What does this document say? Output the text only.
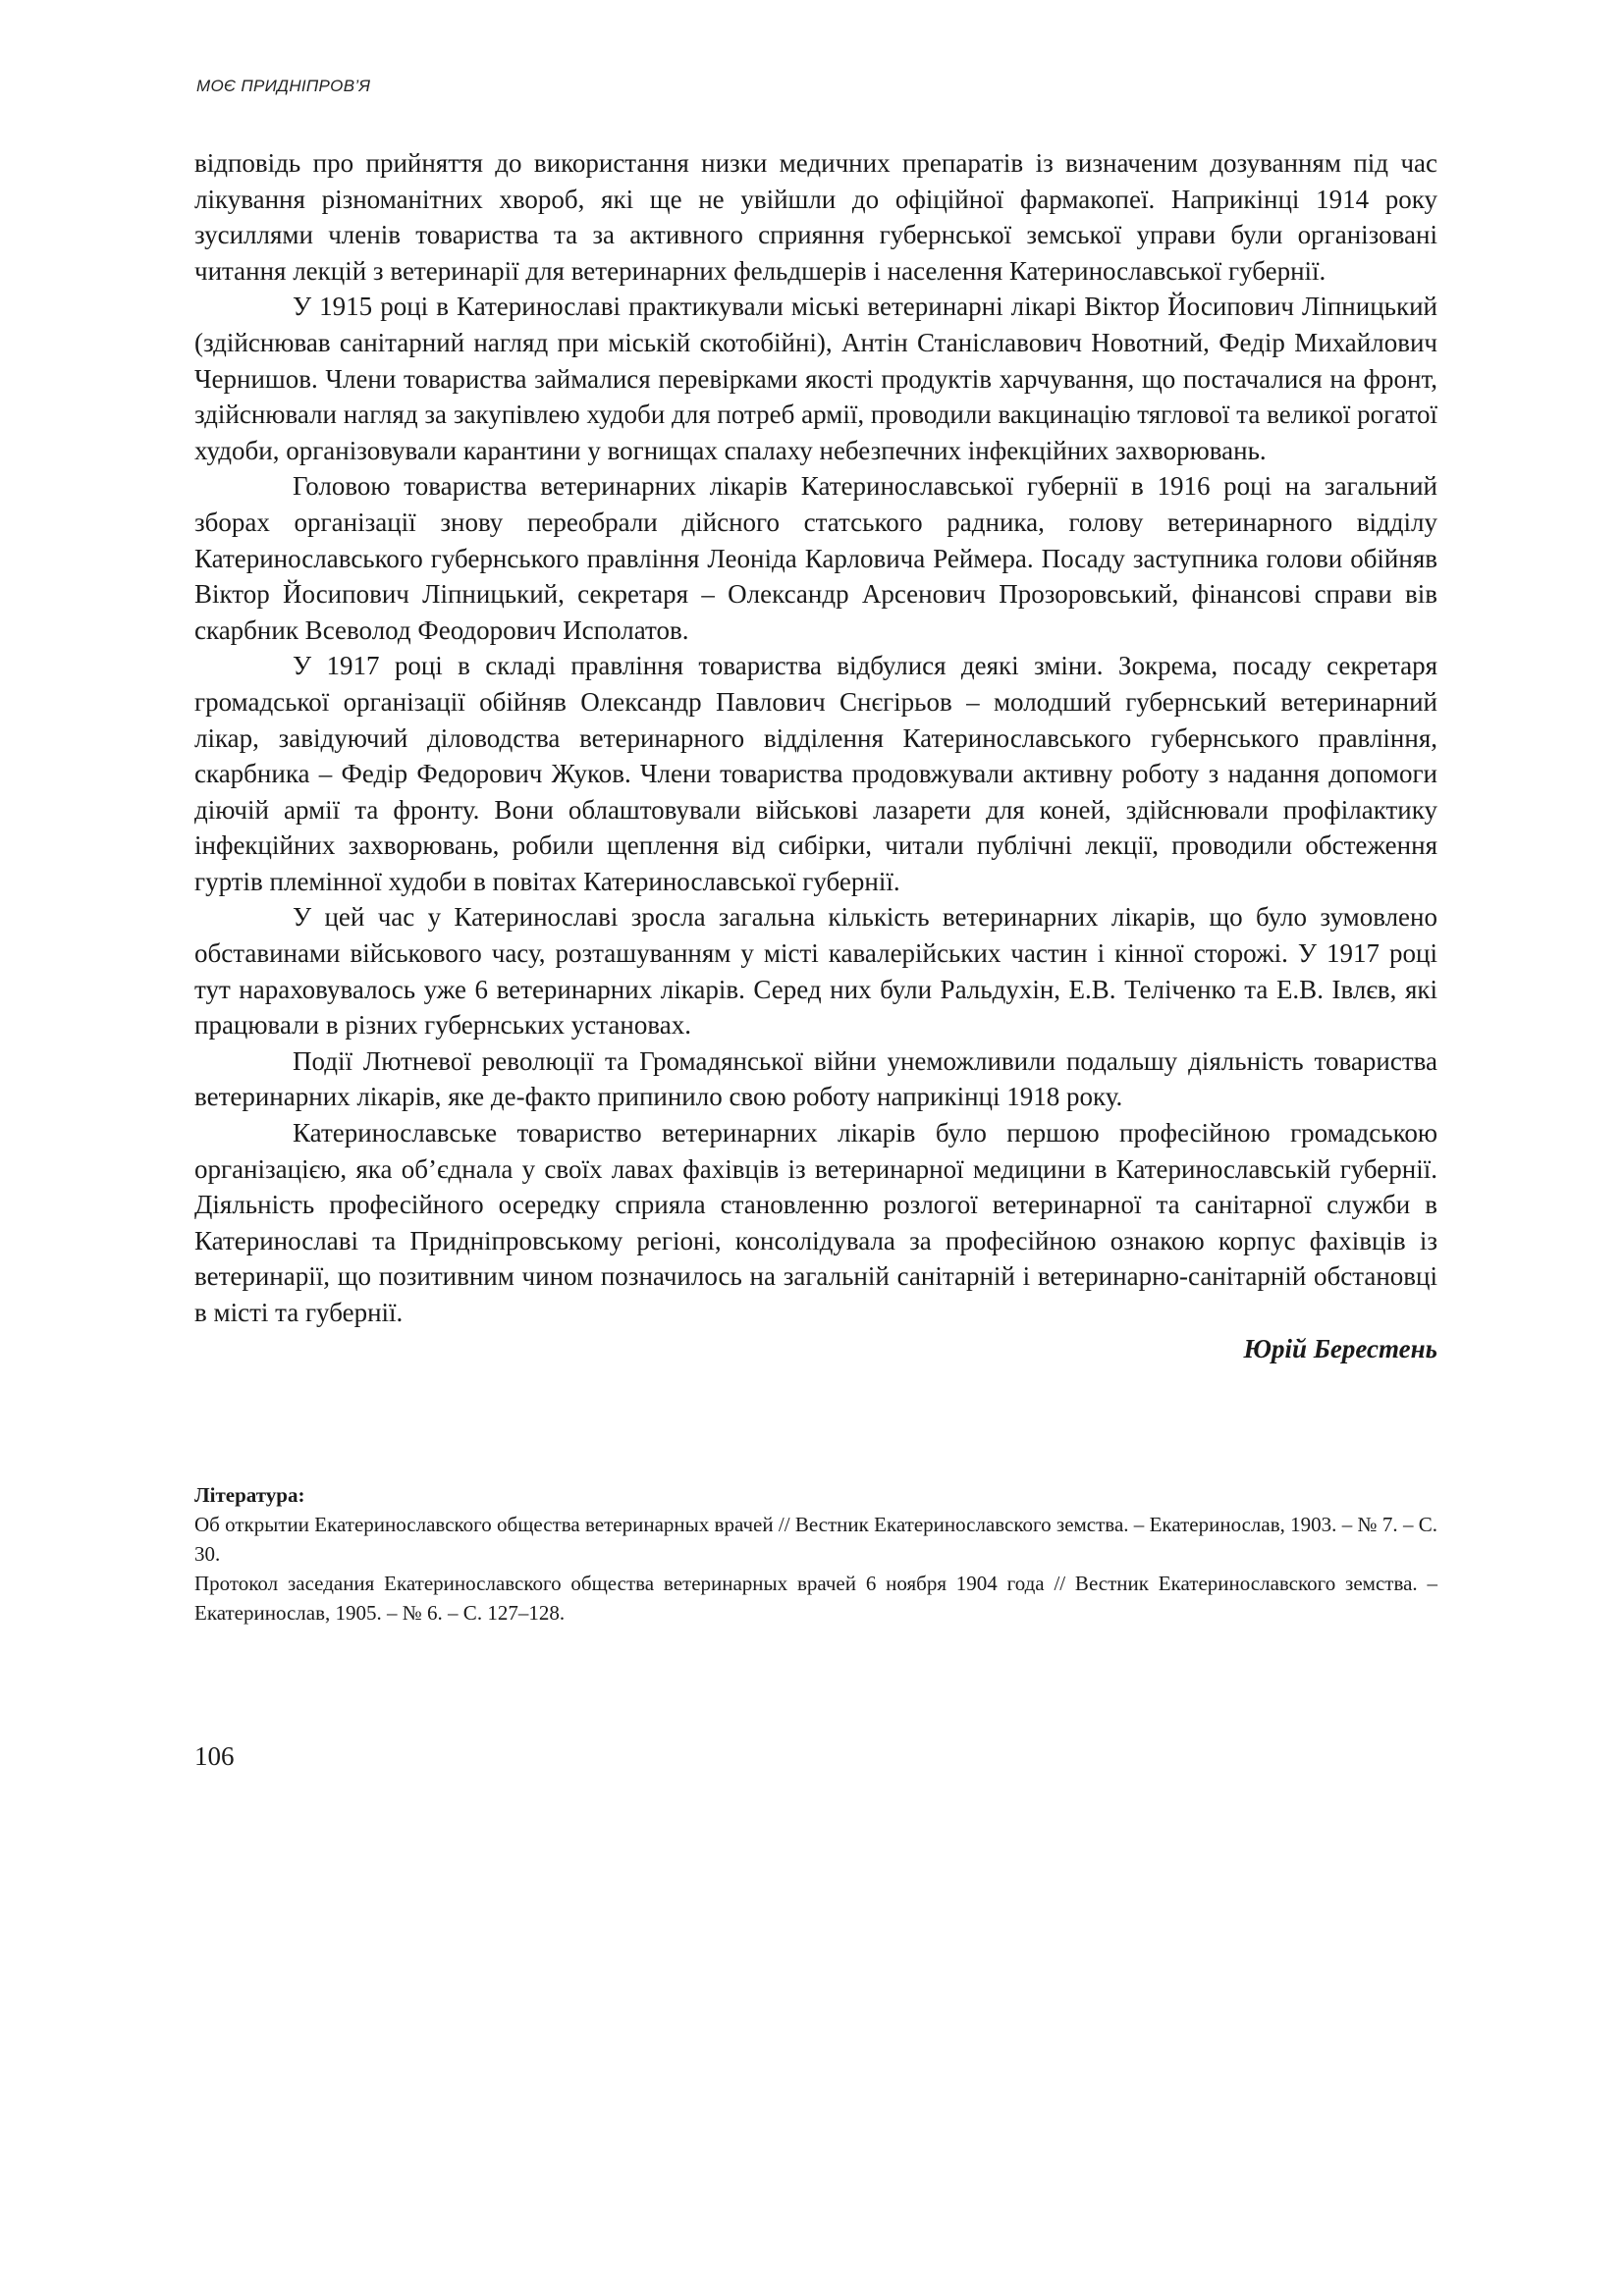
МОЄ ПРИДНІПРОВ’Я

відповідь про прийняття до використання низки медичних препаратів із визначеним дозуванням під час лікування різноманітних хвороб, які ще не увійшли до офіційної фармакопеї. Наприкінці 1914 року зусиллями членів товариства та за активного сприяння губернської земської управи були організовані читання лекцій з ветеринарії для ветеринарних фельдшерів і населення Катеринославської губернії.

У 1915 році в Катеринославі практикували міські ветеринарні лікарі Віктор Йосипович Ліпницький (здійснював санітарний нагляд при міській скотобійні), Антін Станіславович Новотний, Федір Михайлович Чернишов. Члени товариства займалися перевірками якості продуктів харчування, що постачалися на фронт, здійснювали нагляд за закупівлею худоби для потреб армії, проводили вакцинацію тяглової та великої рогатої худоби, організовували карантини у вогнищах спалаху небезпечних інфекційних захворювань.

Головою товариства ветеринарних лікарів Катеринославської губернії в 1916 році на загальний зборах організації знову переобрали дійсного статського радника, голову ветеринарного відділу Катеринославського губернського правління Леоніда Карловича Реймера. Посаду заступника голови обійняв Віктор Йосипович Ліпницький, секретаря – Олександр Арсенович Прозоровський, фінансові справи вів скарбник Всеволод Феодорович Исполатов.

У 1917 році в складі правління товариства відбулися деякі зміни. Зокрема, посаду секретаря громадської організації обійняв Олександр Павлович Снєгірьов – молодший губернський ветеринарний лікар, завідуючий діловодства ветеринарного відділення Катеринославського губернського правління, скарбника – Федір Федорович Жуков. Члени товариства продовжували активну роботу з надання допомоги діючій армії та фронту. Вони облаштовували військові лазарети для коней, здійснювали профілактику інфекційних захворювань, робили щеплення від сибірки, читали публічні лекції, проводили обстеження гуртів племінної худоби в повітах Катеринославської губернії.

У цей час у Катеринославі зросла загальна кількість ветеринарних лікарів, що було зумовлено обставинами військового часу, розташуванням у місті кавалерійських частин і кінної сторожі. У 1917 році тут нараховувалось уже 6 ветеринарних лікарів. Серед них були Ральдухін, Е.В. Теліченко та Е.В. Івлєв, які працювали в різних губернських установах.

Події Лютневої революції та Громадянської війни унеможливили подальшу діяльність товариства ветеринарних лікарів, яке де-факто припинило свою роботу наприкінці 1918 року.

Катеринославське товариство ветеринарних лікарів було першою професійною громадською організацією, яка об’єднала у своїх лавах фахівців із ветеринарної медицини в Катеринославській губернії. Діяльність професійного осередку сприяла становленню розлогої ветеринарної та санітарної служби в Катеринославі та Придніпровському регіоні, консолідувала за професійною ознакою корпус фахівців із ветеринарії, що позитивним чином позначилось на загальній санітарній і ветеринарно-санітарній обстановці в місті та губернії.

Юрій Берестень

Література:

Об открытии Екатеринославского общества ветеринарных врачей // Вестник Екатеринославского земства. – Екатеринослав, 1903. – № 7. – С. 30.

Протокол заседания Екатеринославского общества ветеринарных врачей 6 ноября 1904 года // Вестник Екатеринославского земства. – Екатеринослав, 1905. – № 6. – С. 127–128.

106
